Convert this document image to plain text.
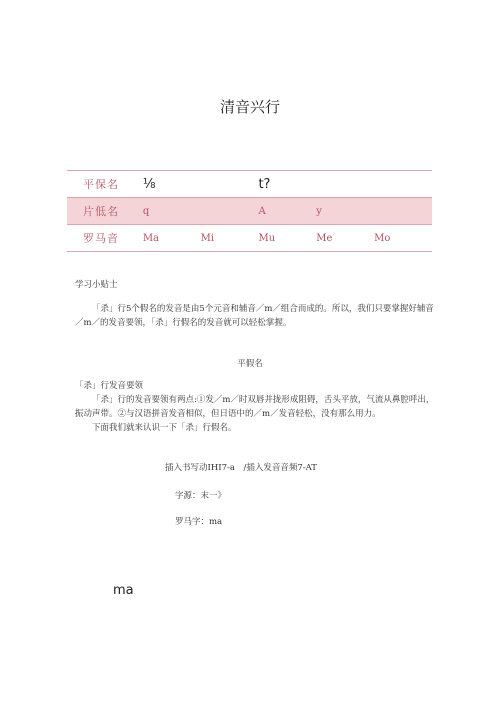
清音兴行
平保名	⅛		t?		
片低名	q		A	y	
罗马音	Ma	Mi	Mu	Me	Mo
学习小贴士
「杀」行5个假名的发音是由5个元音和辅音／m／组合而成的。所以，我们只要掌握好辅音／m／的发音要领，「杀」行假名的发音就可以轻松掌握。
平假名
「杀」行发音要领
「杀」行的发音要领有两点:①发／m／时双唇并拢形成阻碍，舌头平放，气流从鼻腔呼出，振动声带。②与汉语拼音发音相似，但日语中的／m／发音轻松，没有那么用力。
下面我们就来认识一下「杀」行假名。
插入书写动IHI7-a　/插入发音音频7-AT
字源：末一》
罗马字：ma
ma
